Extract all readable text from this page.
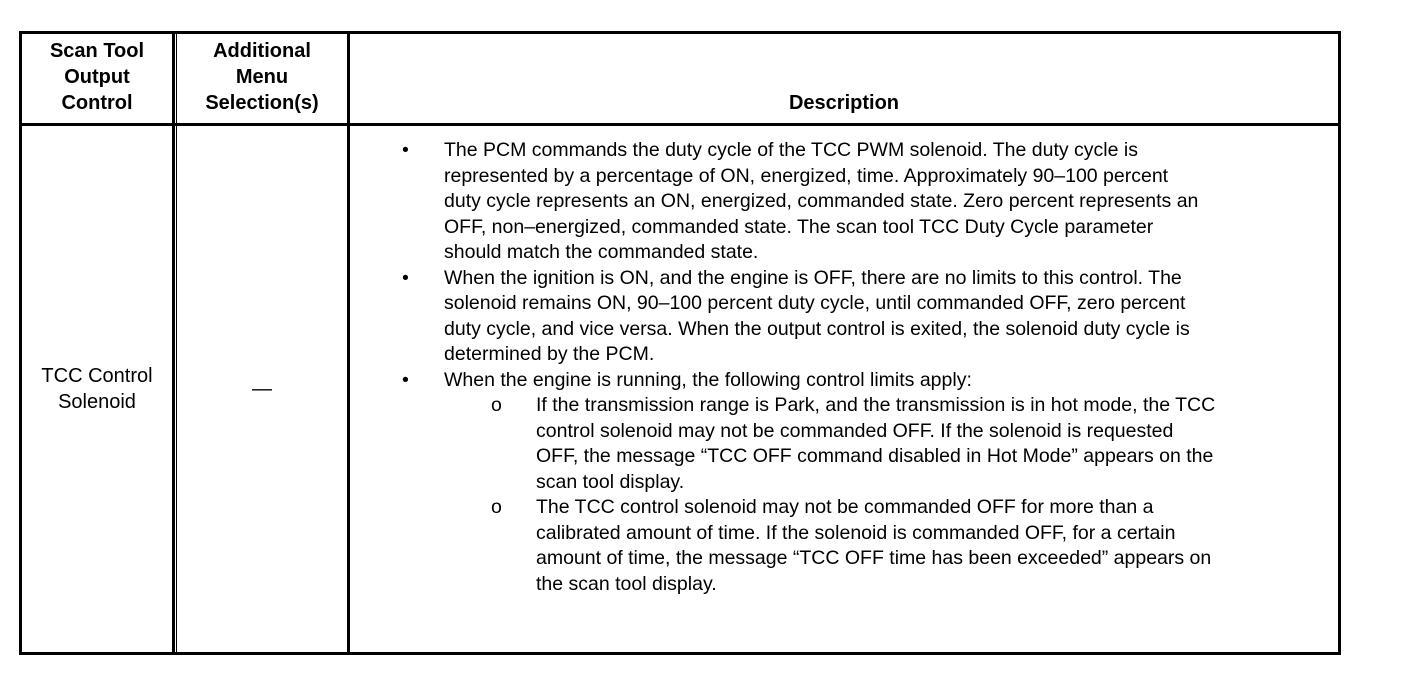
Scan Tool
Output
Control
Additional
Menu
Selection(s)	Description
TCC Control
Solenoid
—
• The PCM commands the duty cycle of the TCC PWM solenoid. The duty cycle is
represented by a percentage of ON, energized, time. Approximately 90–100 percent
duty cycle represents an ON, energized, commanded state. Zero percent represents an
OFF, non–energized, commanded state. The scan tool TCC Duty Cycle parameter
should match the commanded state.
• When the ignition is ON, and the engine is OFF, there are no limits to this control. The
solenoid remains ON, 90–100 percent duty cycle, until commanded OFF, zero percent
duty cycle, and vice versa. When the output control is exited, the solenoid duty cycle is
determined by the PCM.
• When the engine is running, the following control limits apply:
o If the transmission range is Park, and the transmission is in hot mode, the TCC
control solenoid may not be commanded OFF. If the solenoid is requested
OFF, the message “TCC OFF command disabled in Hot Mode” appears on the
scan tool display.
o The TCC control solenoid may not be commanded OFF for more than a
calibrated amount of time. If the solenoid is commanded OFF, for a certain
amount of time, the message “TCC OFF time has been exceeded” appears on
the scan tool display.
